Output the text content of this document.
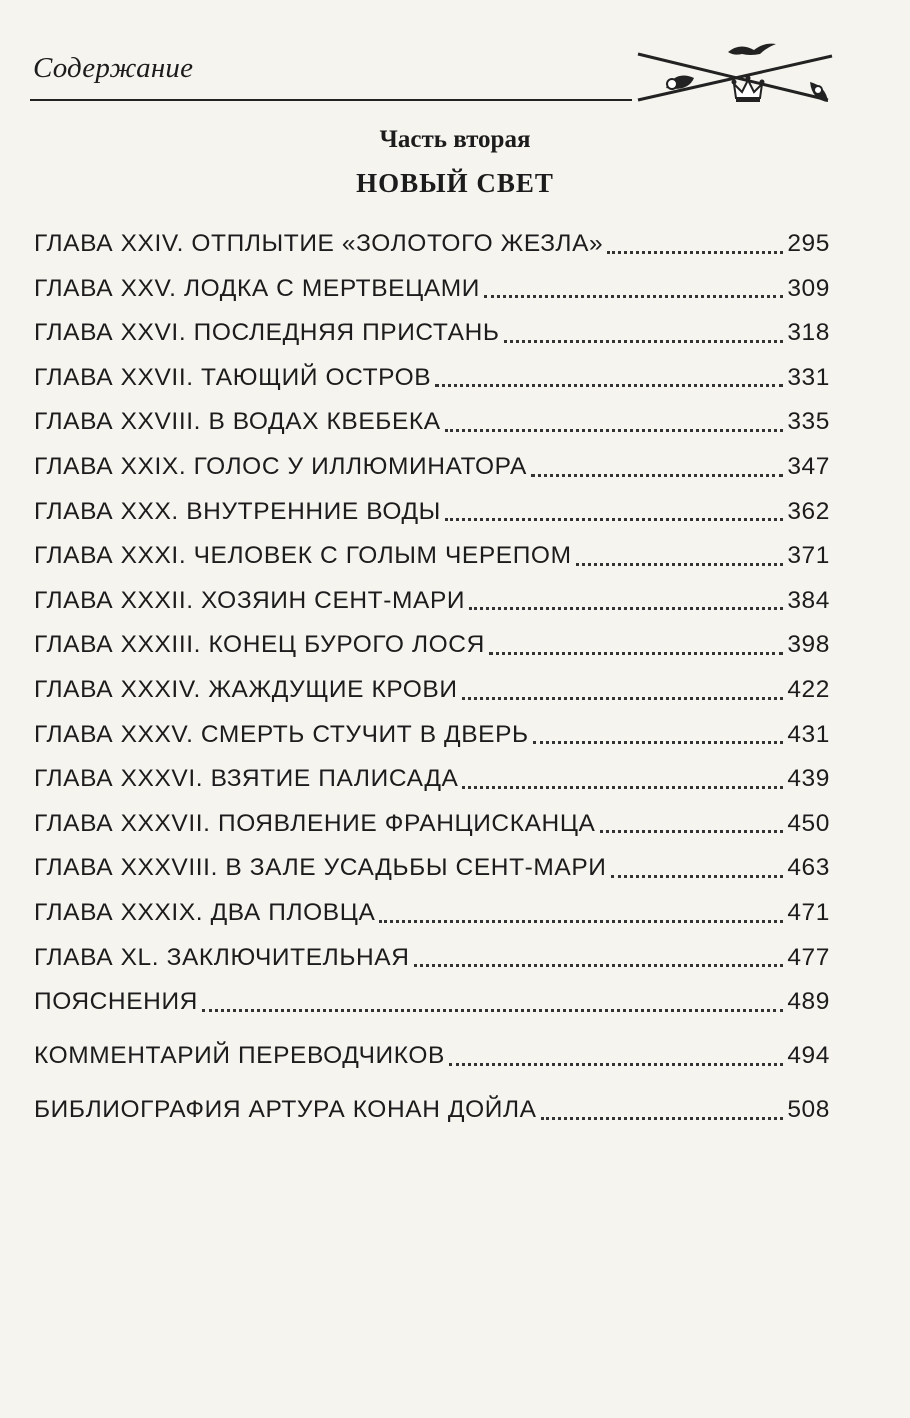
Содержание
Часть вторая
НОВЫЙ СВЕТ
ГЛАВА XXIV. ОТПЛЫТИЕ «ЗОЛОТОГО ЖЕЗЛА»	295
ГЛАВА XXV. ЛОДКА С МЕРТВЕЦАМИ	309
ГЛАВА XXVI. ПОСЛЕДНЯЯ ПРИСТАНЬ	318
ГЛАВА XXVII. ТАЮЩИЙ ОСТРОВ	331
ГЛАВА XXVIII. В ВОДАХ КВЕБЕКА	335
ГЛАВА XXIX. ГОЛОС У ИЛЛЮМИНАТОРА	347
ГЛАВА XXX. ВНУТРЕННИЕ ВОДЫ	362
ГЛАВА XXXI. ЧЕЛОВЕК С ГОЛЫМ ЧЕРЕПОМ	371
ГЛАВА XXXII. ХОЗЯИН СЕНТ-МАРИ	384
ГЛАВА XXXIII. КОНЕЦ БУРОГО ЛОСЯ	398
ГЛАВА XXXIV. ЖАЖДУЩИЕ КРОВИ	422
ГЛАВА XXXV. СМЕРТЬ СТУЧИТ В ДВЕРЬ	431
ГЛАВА XXXVI. ВЗЯТИЕ ПАЛИСАДА	439
ГЛАВА XXXVII. ПОЯВЛЕНИЕ ФРАНЦИСКАНЦА	450
ГЛАВА XXXVIII. В ЗАЛЕ УСАДЬБЫ СЕНТ-МАРИ	463
ГЛАВА XXXIX. ДВА ПЛОВЦА	471
ГЛАВА XL. ЗАКЛЮЧИТЕЛЬНАЯ	477
ПОЯСНЕНИЯ	489
КОММЕНТАРИЙ ПЕРЕВОДЧИКОВ	494
БИБЛИОГРАФИЯ АРТУРА КОНАН ДОЙЛА	508
